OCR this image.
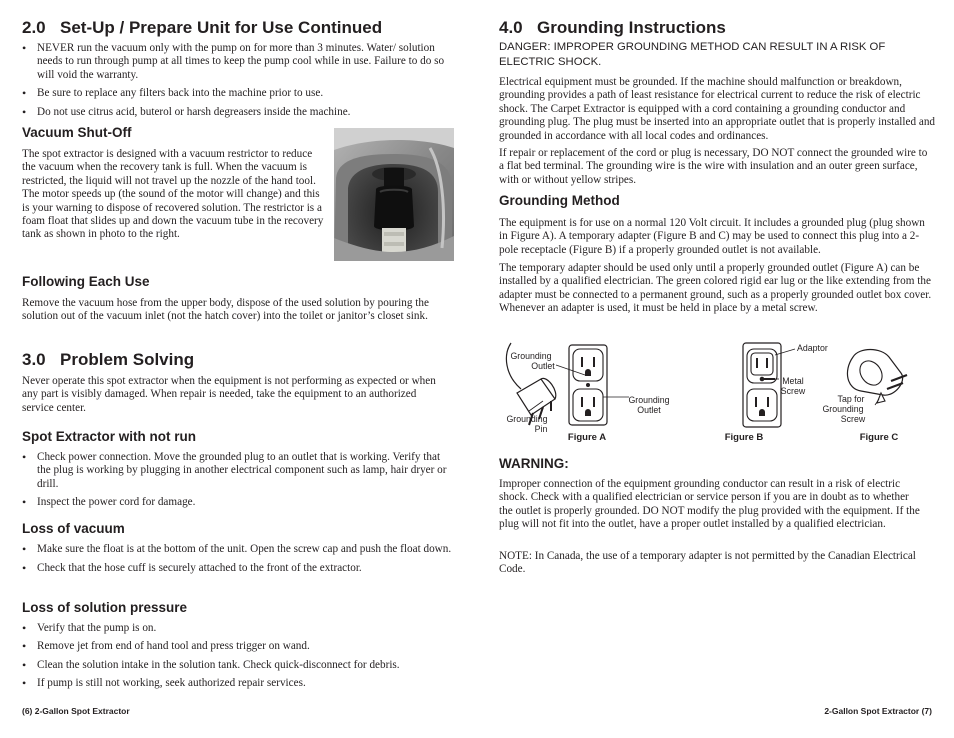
2.0 Set-Up / Prepare Unit for Use Continued
• NEVER run the vacuum only with the pump on for more than 3 minutes. Water/ solution needs to run through pump at all times to keep the pump cool while in use. Failure to do so will void the warranty.
• Be sure to replace any filters back into the machine prior to use.
• Do not use citrus acid, buterol or harsh degreasers inside the machine.
Vacuum Shut-Off

The spot extractor is designed with a vacuum restrictor to reduce the vacuum when the recovery tank is full. When the vacuum is restricted, the liquid will not travel up the nozzle of the hand tool. The motor speeds up (the sound of the motor will change) and this is your warning to dispose of recovered solution. The restrictor is a foam float that slides up and down the vacuum tube in the recovery tank as shown in photo to the right.

Following Each Use

Remove the vacuum hose from the upper body, dispose of the used solution by pouring the solution out of the vacuum inlet (not the hatch cover) into the toilet or janitor’s closet sink.

3.0 Problem Solving

Never operate this spot extractor when the equipment is not performing as expected or when any part is visibly damaged. When repair is needed, take the equipment to an authorized service center.

Spot Extractor with not run
• Check power connection. Move the grounded plug to an outlet that is working. Verify that the plug is working by plugging in another electrical component such as lamp, hair dryer or drill.
• Inspect the power cord for damage.
Loss of vacuum
• Make sure the float is at the bottom of the unit. Open the screw cap and push the float down.
• Check that the hose cuff is securely attached to the front of the extractor.
Loss of solution pressure
• Verify that the pump is on.
• Remove jet from end of hand tool and press trigger on wand.
• Clean the solution intake in the solution tank. Check quick-disconnect for debris.
• If pump is still not working, seek authorized repair services.
(6) 2-Gallon Spot Extractor
4.0 Grounding Instructions

DANGER: IMPROPER GROUNDING METHOD CAN RESULT IN A RISK OF ELECTRIC SHOCK.

Electrical equipment must be grounded. If the machine should malfunction or breakdown, grounding provides a path of least resistance for electrical current to reduce the risk of electric shock. The Carpet Extractor is equipped with a cord containing a grounding conductor and grounding plug. The plug must be inserted into an appropriate outlet that is properly installed and grounded in accordance with all local codes and ordinances.

If repair or replacement of the cord or plug is necessary, DO NOT connect the grounded wire to a flat bed terminal. The grounding wire is the wire with insulation and an outer green surface, with or without yellow stripes.

Grounding Method

The equipment is for use on a normal 120 Volt circuit. It includes a grounded plug (plug shown in Figure A). A temporary adapter (Figure B and C) may be used to connect this plug into a 2-pole receptacle (Figure B) if a properly grounded outlet is not available.

The temporary adapter should be used only until a properly grounded outlet (Figure A) can be installed by a qualified electrician. The green colored rigid ear lug or the like extending from the adapter must be connected to a permanent ground, such as a properly grounded outlet box cover. Whenever an adapter is used, it must be held in place by a metal screw.

Grounding
Outlet
Grounding
Pin
Grounding
Outlet
Adaptor
Metal
Screw
Tap for
Grounding
Screw
Figure A	Figure B	Figure C
WARNING:

Improper connection of the equipment grounding conductor can result in a risk of electric shock. Check with a qualified electrician or service person if you are in doubt as to whether the outlet is properly grounded. DO NOT modify the plug provided with the equipment. If the plug will not fit into the outlet, have a proper outlet installed by a qualified electrician.

NOTE: In Canada, the use of a temporary adapter is not permitted by the Canadian Electrical Code.

2-Gallon Spot Extractor (7)
